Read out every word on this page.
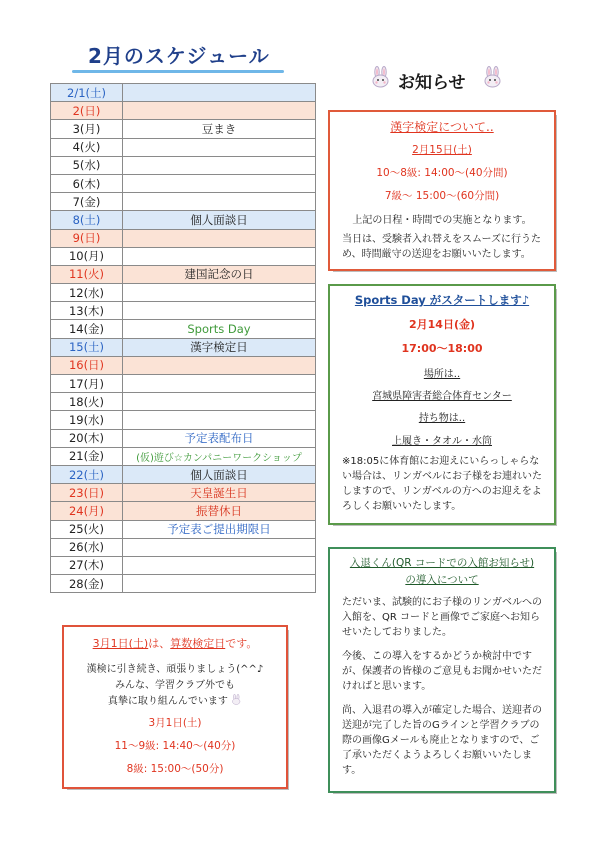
2月のスケジュール
お知らせ
2/1(土)	
2(日)	
3(月)	豆まき
4(火)	
5(水)	
6(木)	
7(金)	
8(土)	個人面談日
9(日)	
10(月)	
11(火)	建国記念の日
12(水)	
13(木)	
14(金)	Sports Day
15(土)	漢字検定日
16(日)	
17(月)	
18(火)	
19(水)	
20(木)	予定表配布日
21(金)	(仮)遊び☆カンパニーワークショップ
22(土)	個人面談日
23(日)	天皇誕生日
24(月)	振替休日
25(火)	予定表ご提出期限日
26(水)	
27(木)	
28(金)	
漢字検定について..
2月15日(土)
10～8級: 14:00～(40分間)
7級～ 15:00～(60分間)
上記の日程・時間での実施となります。
当日は、受験者入れ替えをスムーズに行うため、時間厳守の送迎をお願いいたします。
Sports Day がスタートします♪
2月14日(金)
17:00～18:00
場所は..
宮城県障害者総合体育センター
持ち物は..
上履き・タオル・水筒
※18:05に体育館にお迎えにいらっしゃらない場合は、リンガベルにお子様をお連れいたしますので、リンガベルの方へのお迎えをよろしくお願いいたします。
入退くん(QR コードでの入館お知らせ)
の導入について
ただいま、試験的にお子様のリンガベルへの入館を、QR コードと画像でご家庭へお知らせいたしておりました。
今後、この導入をするかどうか検討中ですが、保護者の皆様のご意見もお聞かせいただければと思います。
尚、入退君の導入が確定した場合、送迎者の送迎が完了した旨のGラインと学習クラブの際の画像Gメールも廃止となりますので、ご了承いただくようよろしくお願いいたします。
3月1日(土)は、算数検定日です。
漢検に引き続き、頑張りましょう(^^♪
みんな、学習クラブ外でも
真摯に取り組んんでいます
3月1日(土)
11～9級: 14:40～(40分)
8級: 15:00～(50分)
